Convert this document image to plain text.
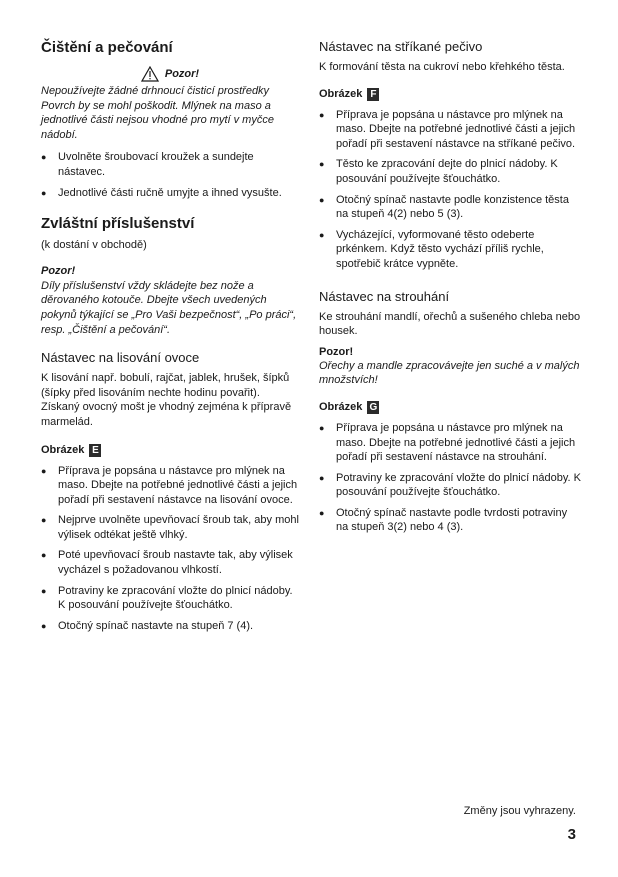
Čištění a pečování
Pozor!
Nepoužívejte žádné drhnoucí čisticí prostředky Povrch by se mohl poškodit. Mlýnek na maso a jednotlivé části nejsou vhodné pro mytí v myčce nádobí.
● Uvolněte šroubovací kroužek a sundejte nástavec.
● Jednotlivé části ručně umyjte a ihned vysušte.
Zvláštní příslušenství
(k dostání v obchodě)
Pozor!
Díly příslušenství vždy skládejte bez nože a děrovaného kotouče. Dbejte všech uvedených pokynů týkající se „Pro Vaši bezpečnost“, „Po práci“, resp. „Čištění a pečování“.
Nástavec na lisování ovoce
K lisování např. bobulí, rajčat, jablek, hrušek, šípků (šípky před lisováním nechte hodinu povařit). Získaný ovocný mošt je vhodný zejména k přípravě marmelád.
Obrázek E
● Příprava je popsána u nástavce pro mlýnek na maso. Dbejte na potřebné jednotlivé části a jejich pořadí při sestavení nástavce na lisování ovoce.
● Nejprve uvolněte upevňovací šroub tak, aby mohl výlisek odtékat ještě vlhký.
● Poté upevňovací šroub nastavte tak, aby výlisek vycházel s požadovanou vlhkostí.
● Potraviny ke zpracování vložte do plnicí nádoby. K posouvání používejte šťouchátko.
● Otočný spínač nastavte na stupeň 7 (4).
Nástavec na stříkané pečivo
K formování těsta na cukroví nebo křehkého těsta.
Obrázek F
● Příprava je popsána u nástavce pro mlýnek na maso. Dbejte na potřebné jednotlivé části a jejich pořadí při sestavení nástavce na stříkané pečivo.
● Těsto ke zpracování dejte do plnicí nádoby. K posouvání používejte šťouchátko.
● Otočný spínač nastavte podle konzistence těsta na stupeň 4(2) nebo 5 (3).
● Vycházející, vyformované těsto odeberte prkénkem. Když těsto vychází příliš rychle, spotřebič krátce vypněte.
Nástavec na strouhání
Ke strouhání mandlí, ořechů a sušeného chleba nebo housek.
Pozor!
Ořechy a mandle zpracovávejte jen suché a v malých množstvích!
Obrázek G
● Příprava je popsána u nástavce pro mlýnek na maso. Dbejte na potřebné jednotlivé části a jejich pořadí při sestavení nástavce na strouhání.
● Potraviny ke zpracování vložte do plnicí nádoby. K posouvání používejte šťouchátko.
● Otočný spínač nastavte podle tvrdosti potraviny na stupeň 3(2) nebo 4 (3).
Změny jsou vyhrazeny.
3
